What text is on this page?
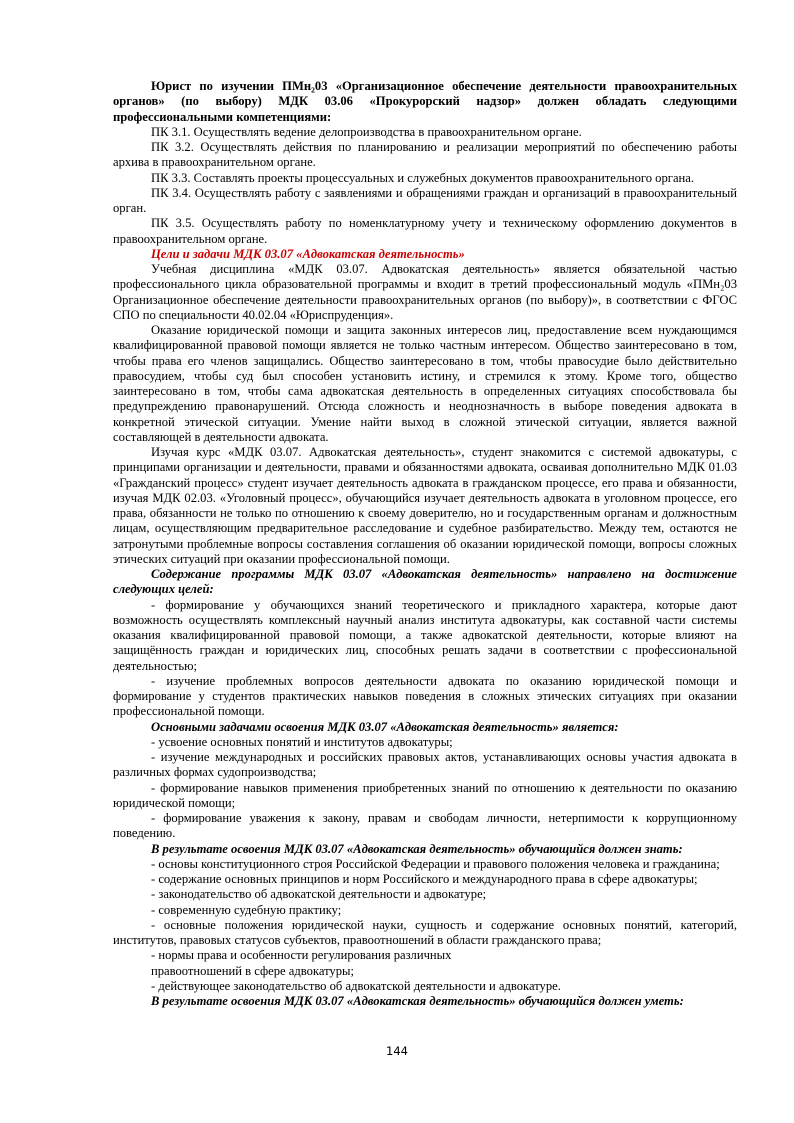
Юрист по изучении ПМн₂03 «Организационное обеспечение деятельности правоохранительных органов» (по выбору) МДК 03.06 «Прокурорский надзор» должен обладать следующими профессиональными компетенциями:

ПК 3.1. Осуществлять ведение делопроизводства в правоохранительном органе.

ПК 3.2. Осуществлять действия по планированию и реализации мероприятий по обеспечению работы архива в правоохранительном органе.

ПК 3.3. Составлять проекты процессуальных и служебных документов правоохранительного органа.

ПК 3.4. Осуществлять работу с заявлениями и обращениями граждан и организаций в правоохранительный орган.

ПК 3.5. Осуществлять работу по номенклатурному учету и техническому оформлению документов в правоохранительном органе.

Цели и задачи МДК 03.07 «Адвокатская деятельность»

Учебная дисциплина «МДК 03.07. Адвокатская деятельность» является обязательной частью профессионального цикла образовательной программы и входит в третий профессиональный модуль «ПМн₂03 Организационное обеспечение деятельности правоохранительных органов (по выбору)», в соответствии с ФГОС СПО по специальности 40.02.04 «Юриспруденция».

Оказание юридической помощи и защита законных интересов лиц, предоставление всем нуждающимся квалифицированной правовой помощи является не только частным интересом. Общество заинтересовано в том, чтобы права его членов защищались. Общество заинтересовано в том, чтобы правосудие было действительно правосудием, чтобы суд был способен установить истину, и стремился к этому. Кроме того, общество заинтересовано в том, чтобы сама адвокатская деятельность в определенных ситуациях способствовала бы предупреждению правонарушений. Отсюда сложность и неоднозначность в выборе поведения адвоката в конкретной этической ситуации. Умение найти выход в сложной этической ситуации, является важной составляющей в деятельности адвоката.

Изучая курс «МДК 03.07. Адвокатская деятельность», студент знакомится с системой адвокатуры, с принципами организации и деятельности, правами и обязанностями адвоката, осваивая дополнительно МДК 01.03 «Гражданский процесс» студент изучает деятельность адвоката в гражданском процессе, его права и обязанности, изучая МДК 02.03. «Уголовный процесс», обучающийся изучает деятельность адвоката в уголовном процессе, его права, обязанности не только по отношению к своему доверителю, но и государственным органам и должностным лицам, осуществляющим предварительное расследование и судебное разбирательство. Между тем, остаются не затронутыми проблемные вопросы составления соглашения об оказании юридической помощи, вопросы сложных этических ситуаций при оказании профессиональной помощи.

Содержание программы МДК 03.07 «Адвокатская деятельность» направлено на достижение следующих целей:

- формирование у обучающихся знаний теоретического и прикладного характера, которые дают возможность осуществлять комплексный научный анализ института адвокатуры, как составной части системы оказания квалифицированной правовой помощи, а также адвокатской деятельности, которые влияют на защищённость граждан и юридических лиц, способных решать задачи в соответствии с профессиональной деятельностью;

- изучение проблемных вопросов деятельности адвоката по оказанию юридической помощи и формирование у студентов практических навыков поведения в сложных этических ситуациях при оказании профессиональной помощи.

Основными задачами освоения МДК 03.07 «Адвокатская деятельность» является:

- усвоение основных понятий и институтов адвокатуры;

- изучение международных и российских правовых актов, устанавливающих основы участия адвоката в различных формах судопроизводства;

- формирование навыков применения приобретенных знаний по отношению к деятельности по оказанию юридической помощи;

- формирование уважения к закону, правам и свободам личности, нетерпимости к коррупционному поведению.

В результате освоения МДК 03.07 «Адвокатская деятельность» обучающийся должен знать:

- основы конституционного строя Российской Федерации и правового положения человека и гражданина;

- содержание основных принципов и норм Российского и международного права в сфере адвокатуры;

- законодательство об адвокатской деятельности и адвокатуре;

- современную судебную практику;

- основные положения юридической науки, сущность и содержание основных понятий, категорий, институтов, правовых статусов субъектов, правоотношений в области гражданского права;

- нормы права и особенности регулирования различных

правоотношений в сфере адвокатуры;

- действующее законодательство об адвокатской деятельности и адвокатуре.

В результате освоения МДК 03.07 «Адвокатская деятельность» обучающийся должен уметь:

144
